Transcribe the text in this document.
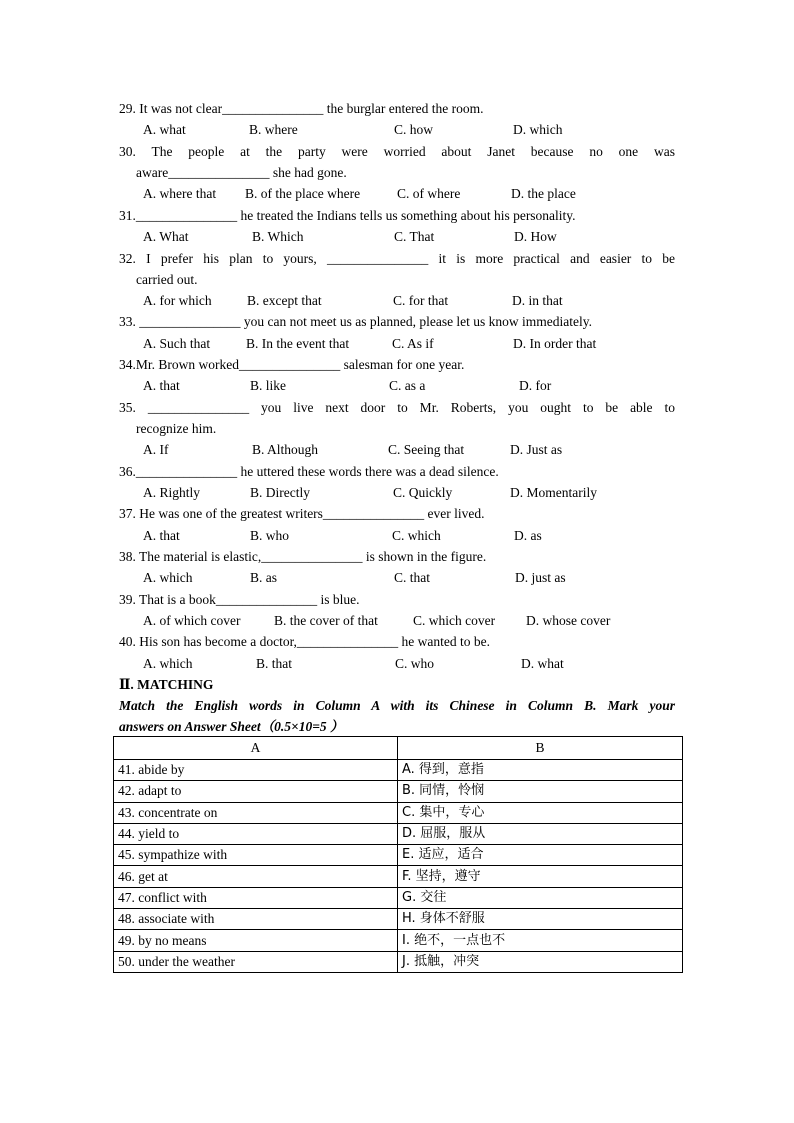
29. It was not clear_______________ the burglar entered the room.
A. what	B. where	C. how	D. which
30. The people at the party were worried about Janet because no one was
aware_______________ she had gone.
A. where that B. of the place where	C. of where	D. the place
31._______________ he treated the Indians tells us something about his personality.
A. What	B. Which	C. That	D. How
32. I prefer his plan to yours, _______________ it is more practical and easier to be
carried out.
A. for which	B. except that	C. for that	D. in that
33. _______________ you can not meet us as planned, please let us know immediately.
A. Such that	B. In the event that	C. As if	D. In order that
34.Mr. Brown worked_______________ salesman for one year.
A. that	B. like	C. as a	D. for
35. _______________ you live next door to Mr. Roberts, you ought to be able to
recognize him.
A. If	B. Although	C. Seeing that	D. Just as
36._______________ he uttered these words there was a dead silence.
A. Rightly	B. Directly	C. Quickly	D. Momentarily
37. He was one of the greatest writers_______________ ever lived.
A. that	B. who	C. which	D. as
38. The material is elastic,_______________ is shown in the figure.
A. which	B. as	C. that	D. just as
39. That is a book_______________ is blue.
A. of which cover B. the cover of that	C. which cover D. whose cover
40. His son has become a doctor,_______________ he wanted to be.
A. which	B. that	C. who	D. what
Ⅱ. MATCHING
Match the English words in Column A with its Chinese in Column B. Mark your
answers on Answer Sheet（0.5×10=5 ）
A	B
41. abide by	A. 得到，意指
42. adapt to	B. 同情，怜悯
43. concentrate on	C. 集中，专心
44. yield to	D. 屈服，服从
45. sympathize with	E. 适应，适合
46. get at	F. 坚持，遵守
47. conflict with	G. 交往
48. associate with	H. 身体不舒服
49. by no means	I. 绝不，一点也不
50. under the weather	J. 抵触，冲突
